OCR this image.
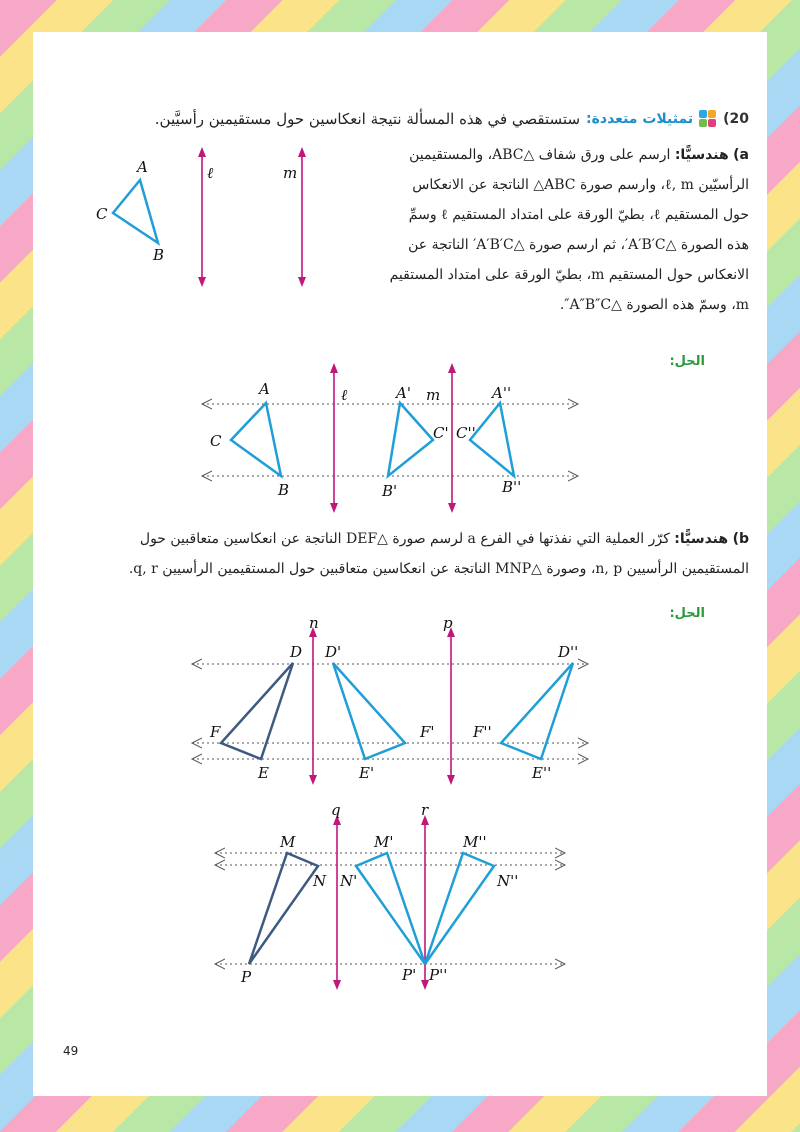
20)
تمثيلات متعددة:
ستستقصي في هذه المسألة نتيجة انعكاسين حول مستقيمين رأسيَّين.
a) هندسيًّا: ارسم على ورق شفاف △ABC، والمستقيمين
الرأسيّين ℓ, m، وارسم صورة ABC△ الناتجة عن الانعكاس
حول المستقيم ℓ، بطيّ الورقة على امتداد المستقيم ℓ وسمِّ
هذه الصورة △A′B′C′، ثم ارسم صورة △A′B′C′ الناتجة عن
الانعكاس حول المستقيم m، بطيّ الورقة على امتداد المستقيم
m، وسمّ هذه الصورة △A″B″C″.
الحل:
b) هندسيًّا: كرّر العملية التي نفذتها في الفرع a لرسم صورة △DEF الناتجة عن انعكاسين متعاقبين حول
المستقيمين الرأسيين n, p، وصورة △MNP الناتجة عن انعكاسين متعاقبين حول المستقيمين الرأسيين q, r.
الحل:
49
A
B
C
ℓ	m
A
B
C
ℓ	A' m	A''
C' C''
B'	B''
n	p
D D'	D''
F	F'	F''
E	E'	E''
q	r
M	M'	M''
N N'	N''
P	P' P''
